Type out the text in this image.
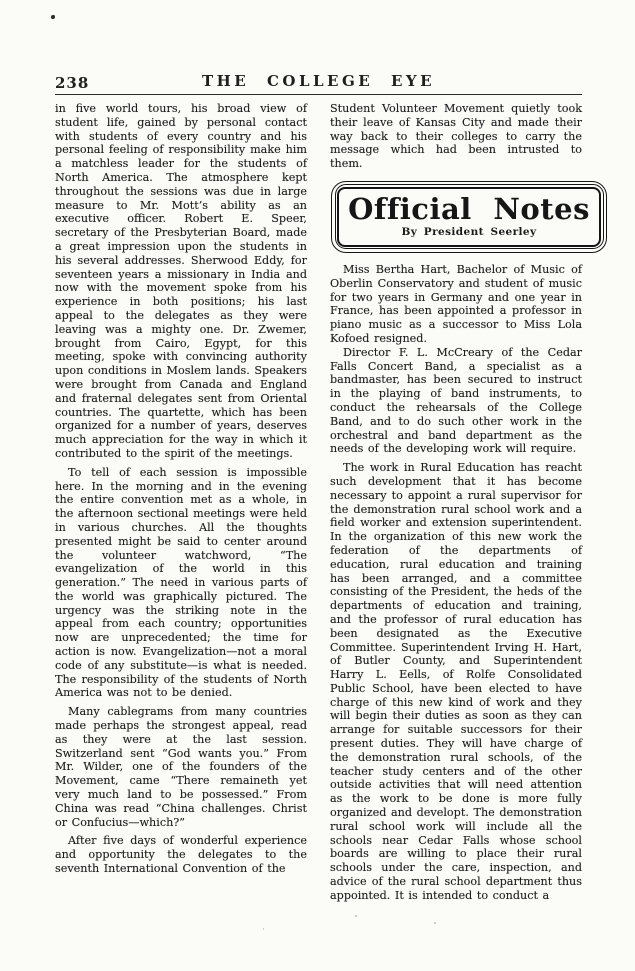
238	THE COLLEGE EYE

in five world tours, his broad view of student life, gained by personal contact with students of every country and his personal feeling of responsibility make him a matchless leader for the students of North America. The atmosphere kept throughout the sessions was due in large measure to Mr. Mott’s ability as an executive officer. Robert E. Speer, secretary of the Presbyterian Board, made a great impression upon the students in his several addresses. Sherwood Eddy, for seventeen years a missionary in India and now with the movement spoke from his experience in both positions; his last appeal to the delegates as they were leaving was a mighty one. Dr. Zwemer, brought from Cairo, Egypt, for this meeting, spoke with convincing authority upon conditions in Moslem lands. Speakers were brought from Canada and England and fraternal delegates sent from Oriental countries. The quartette, which has been organized for a number of years, deserves much appreciation for the way in which it contributed to the spirit of the meetings.

To tell of each session is impossible here. In the morning and in the evening the entire convention met as a whole, in the afternoon sectional meetings were held in various churches. All the thoughts presented might be said to center around the volunteer watchword, “The evangelization of the world in this generation.” The need in various parts of the world was graphically pictured. The urgency was the striking note in the appeal from each country; opportunities now are unprecedented; the time for action is now. Evangelization—not a moral code of any substitute—is what is needed. The responsibility of the students of North America was not to be denied.

Many cablegrams from many countries made perhaps the strongest appeal, read as they were at the last session. Switzerland sent “God wants you.” From Mr. Wilder, one of the founders of the Movement, came “There remaineth yet very much land to be possessed.” From China was read “China challenges. Christ or Confucius—which?”

After five days of wonderful experience and opportunity the delegates to the seventh International Convention of the

Student Volunteer Movement quietly took their leave of Kansas City and made their way back to their colleges to carry the message which had been intrusted to them.

Official Notes
By President Seerley

Miss Bertha Hart, Bachelor of Music of Oberlin Conservatory and student of music for two years in Germany and one year in France, has been appointed a professor in piano music as a successor to Miss Lola Kofoed resigned.

Director F. L. McCreary of the Cedar Falls Concert Band, a specialist as a bandmaster, has been secured to instruct in the playing of band instruments, to conduct the rehearsals of the College Band, and to do such other work in the orchestral and band department as the needs of the developing work will require.

The work in Rural Education has reacht such development that it has become necessary to appoint a rural supervisor for the demonstration rural school work and a field worker and extension superintendent. In the organization of this new work the federation of the departments of education, rural education and training has been arranged, and a committee consisting of the President, the heds of the departments of education and training, and the professor of rural education has been designated as the Executive Committee. Superintendent Irving H. Hart, of Butler County, and Superintendent Harry L. Eells, of Rolfe Consolidated Public School, have been elected to have charge of this new kind of work and they will begin their duties as soon as they can arrange for suitable successors for their present duties. They will have charge of the demonstration rural schools, of the teacher study centers and of the other outside activities that will need attention as the work to be done is more fully organized and developt. The demonstration rural school work will include all the schools near Cedar Falls whose school boards are willing to place their rural schools under the care, inspection, and advice of the rural school department thus appointed. It is intended to conduct a
